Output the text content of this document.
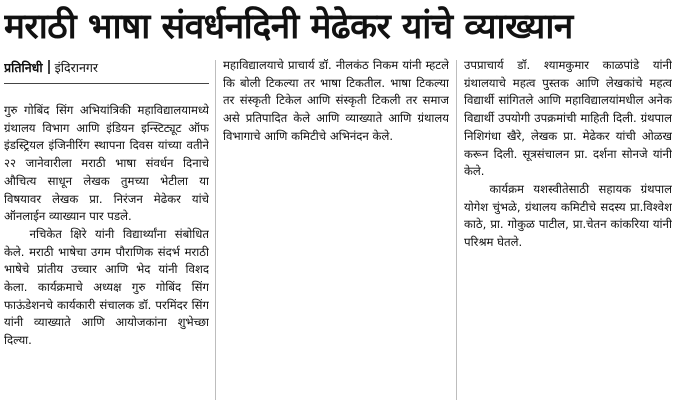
मराठी भाषा संवर्धनदिनी मेढेकर यांचे व्याख्यान
प्रतिनिधी इंदिरानगर

गुरु गोबिंद सिंग अभियांत्रिकी महाविद्यालयामध्ये ग्रंथालय विभाग आणि इंडियन इन्स्टिट्यूट ऑफ इंडस्ट्रियल इंजिनीरिंग स्थापना दिवस यांच्या वतीने २२ जानेवारीला मराठी भाषा संवर्धन दिनाचे औचित्य साधून लेखक तुमच्या भेटीला या विषयावर लेखक प्रा. निरंजन मेढेकर यांचे ऑनलाईन व्याख्यान पार पडले.

नचिकेत क्षिरे यांनी विद्यार्थ्यांना संबोधित केले. मराठी भाषेचा उगम पौराणिक संदर्भ मराठी भाषेचे प्रांतीय उच्चार आणि भेद यांनी विशद केला. कार्यक्रमाचे अध्यक्ष गुरु गोबिंद सिंग फाऊंडेशनचे कार्यकारी संचालक डॉ. परमिंदर सिंग यांनी व्याख्याते आणि आयोजकांना शुभेच्छा दिल्या.

महाविद्यालयाचे प्राचार्य डॉ. नीलकंठ निकम यांनी म्हटले कि बोली टिकल्या तर भाषा टिकतील. भाषा टिकल्या तर संस्कृती टिकेल आणि संस्कृती टिकली तर समाज असे प्रतिपादित केले आणि व्याख्याते आणि ग्रंथालय विभागाचे आणि कमिटीचे अभिनंदन केले.

उपप्राचार्य डॉ. श्यामकुमार काळपांडे यांनी ग्रंथालयाचे महत्व पुस्तक आणि लेखकांचे महत्व विद्यार्थी सांगितले आणि महाविद्यालयांमधील अनेक विद्यार्थी उपयोगी उपक्रमांची माहिती दिली. ग्रंथपाल निशिगंधा खैरे, लेखक प्रा. मेढेकर यांची ओळख करून दिली. सूत्रसंचालन प्रा. दर्शना सोनजे यांनी केले.

कार्यक्रम यशस्वीतेसाठी सहायक ग्रंथपाल योगेश चुंभळे, ग्रंथालय कमिटीचे सदस्य प्रा.विश्वेश काठे, प्रा. गोकुळ पाटील, प्रा.चेतन कांकरिया यांनी परिश्रम घेतले.
